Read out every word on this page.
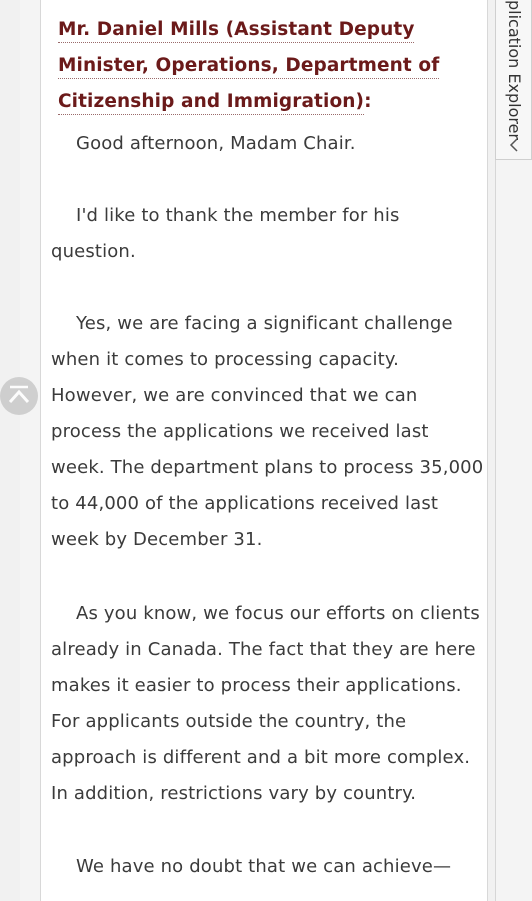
Mr. Daniel Mills (Assistant Deputy
Minister, Operations, Department of
Citizenship and Immigration):

Good afternoon, Madam Chair.

I'd like to thank the member for his question.

Yes, we are facing a significant challenge when it comes to processing capacity. However, we are convinced that we can process the applications we received last week. The department plans to process 35,000 to 44,000 of the applications received last week by December 31.

As you know, we focus our efforts on clients already in Canada. The fact that they are here makes it easier to process their applications. For applicants outside the country, the approach is different and a bit more complex. In addition, restrictions vary by country.

We have no doubt that we can achieve—

plication Explorer
